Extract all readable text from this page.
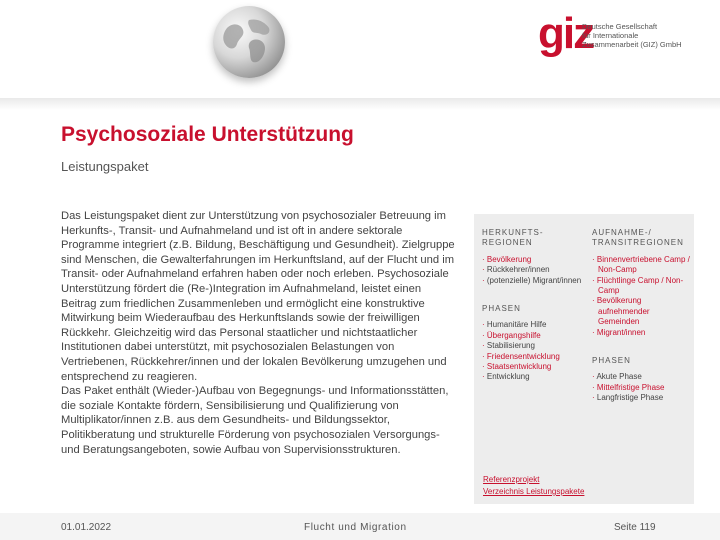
giz
Deutsche Gesellschaft
für Internationale
Zusammenarbeit (GIZ) GmbH
Psychosoziale Unterstützung
Leistungspaket

Das Leistungspaket dient zur Unterstützung von psychosozialer Betreuung im Herkunfts-, Transit- und Aufnahmeland und ist oft in andere sektorale Programme integriert (z.B. Bildung, Beschäftigung und Gesundheit). Zielgruppe sind Menschen, die Gewalterfahrungen im Herkunftsland, auf der Flucht und im Transit- oder Aufnahmeland erfahren haben oder noch erleben. Psychosoziale Unterstützung fördert die (Re-)Integration im Aufnahmeland, leistet einen Beitrag zum friedlichen Zusammenleben und ermöglicht eine konstruktive Mitwirkung beim Wiederaufbau des Herkunftslands sowie der freiwilligen Rückkehr. Gleichzeitig wird das Personal staatlicher und nichtstaatlicher Institutionen dabei unterstützt, mit psychosozialen Belastungen von Vertriebenen, Rückkehrer/innen und der lokalen Bevölkerung umzugehen und entsprechend zu reagieren.

Das Paket enthält (Wieder-)Aufbau von Begegnungs- und Informationsstätten, die soziale Kontakte fördern, Sensibilisierung und Qualifizierung von Multiplikator/innen z.B. aus dem Gesundheits- und Bildungssektor, Politikberatung und strukturelle Förderung von psychosozialen Versorgungs- und Beratungsangeboten, sowie Aufbau von Supervisionsstrukturen.

HERKUNFTS-
REGIONEN
· Bevölkerung
· Rückkehrer/innen
· (potenzielle) Migrant/innen
PHASEN
· Humanitäre Hilfe
· Übergangshilfe
· Stabilisierung
· Friedensentwicklung
· Staatsentwicklung
· Entwicklung
AUFNAHME-/
TRANSITREGIONEN
· Binnenvertriebene Camp / Non-Camp
· Flüchtlinge Camp / Non-Camp
· Bevölkerung aufnehmender Gemeinden
· Migrant/innen
PHASEN
· Akute Phase
· Mittelfristige Phase
· Langfristige Phase
Referenzprojekt
Verzeichnis Leistungspakete
01.01.2022	Flucht und Migration	Seite 119
